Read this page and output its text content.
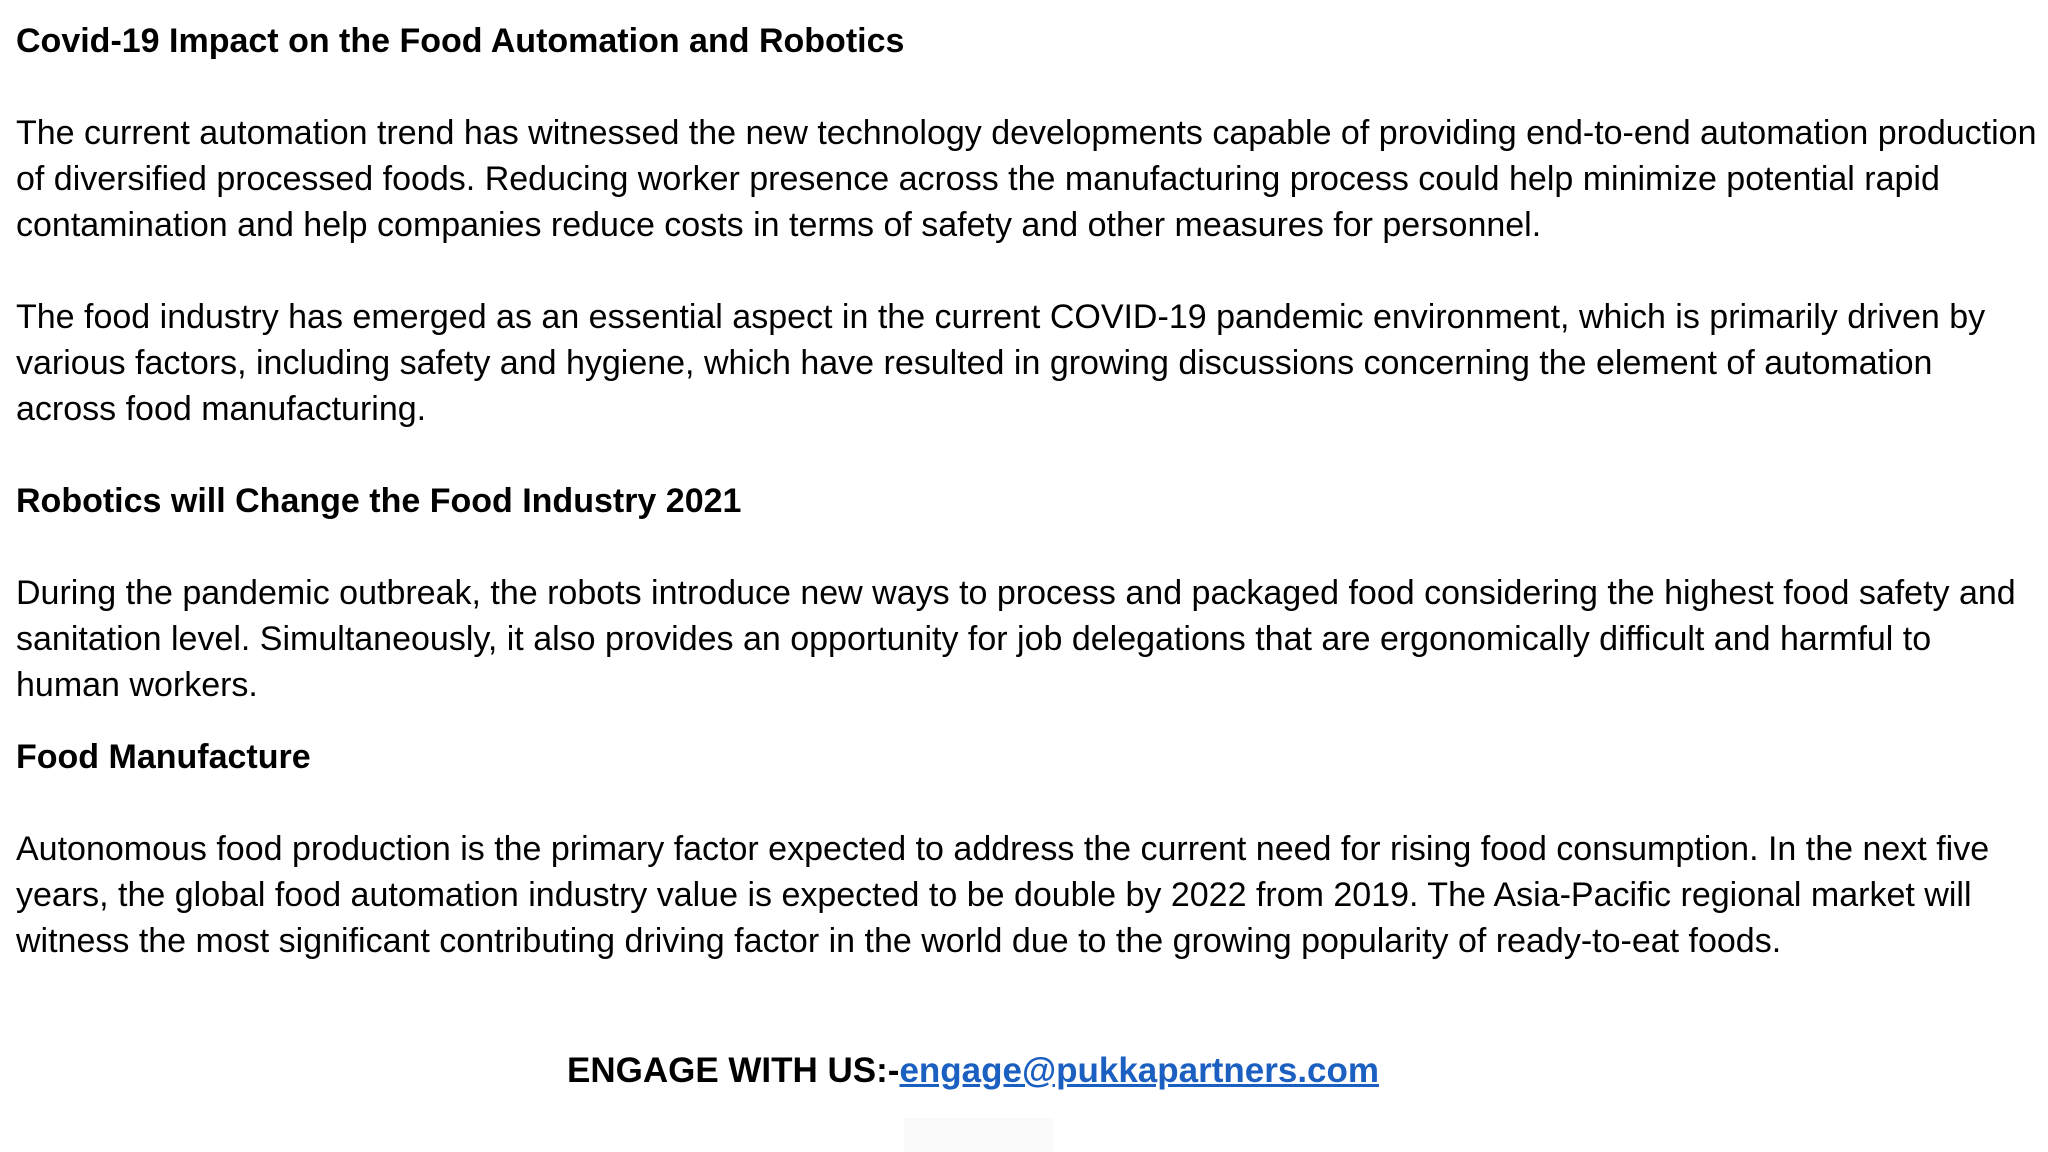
Covid-19 Impact on the Food Automation and Robotics

The current automation trend has witnessed the new technology developments capable of providing end-to-end automation production of diversified processed foods. Reducing worker presence across the manufacturing process could help minimize potential rapid contamination and help companies reduce costs in terms of safety and other measures for personnel.

The food industry has emerged as an essential aspect in the current COVID-19 pandemic environment, which is primarily driven by various factors, including safety and hygiene, which have resulted in growing discussions concerning the element of automation across food manufacturing.

Robotics will Change the Food Industry 2021

During the pandemic outbreak, the robots introduce new ways to process and packaged food considering the highest food safety and sanitation level. Simultaneously, it also provides an opportunity for job delegations that are ergonomically difficult and harmful to human workers.

Food Manufacture

Autonomous food production is the primary factor expected to address the current need for rising food consumption. In the next five years, the global food automation industry value is expected to be double by 2022 from 2019. The Asia-Pacific regional market will witness the most significant contributing driving factor in the world due to the growing popularity of ready-to-eat foods.

ENGAGE WITH US:-engage@pukkapartners.com
